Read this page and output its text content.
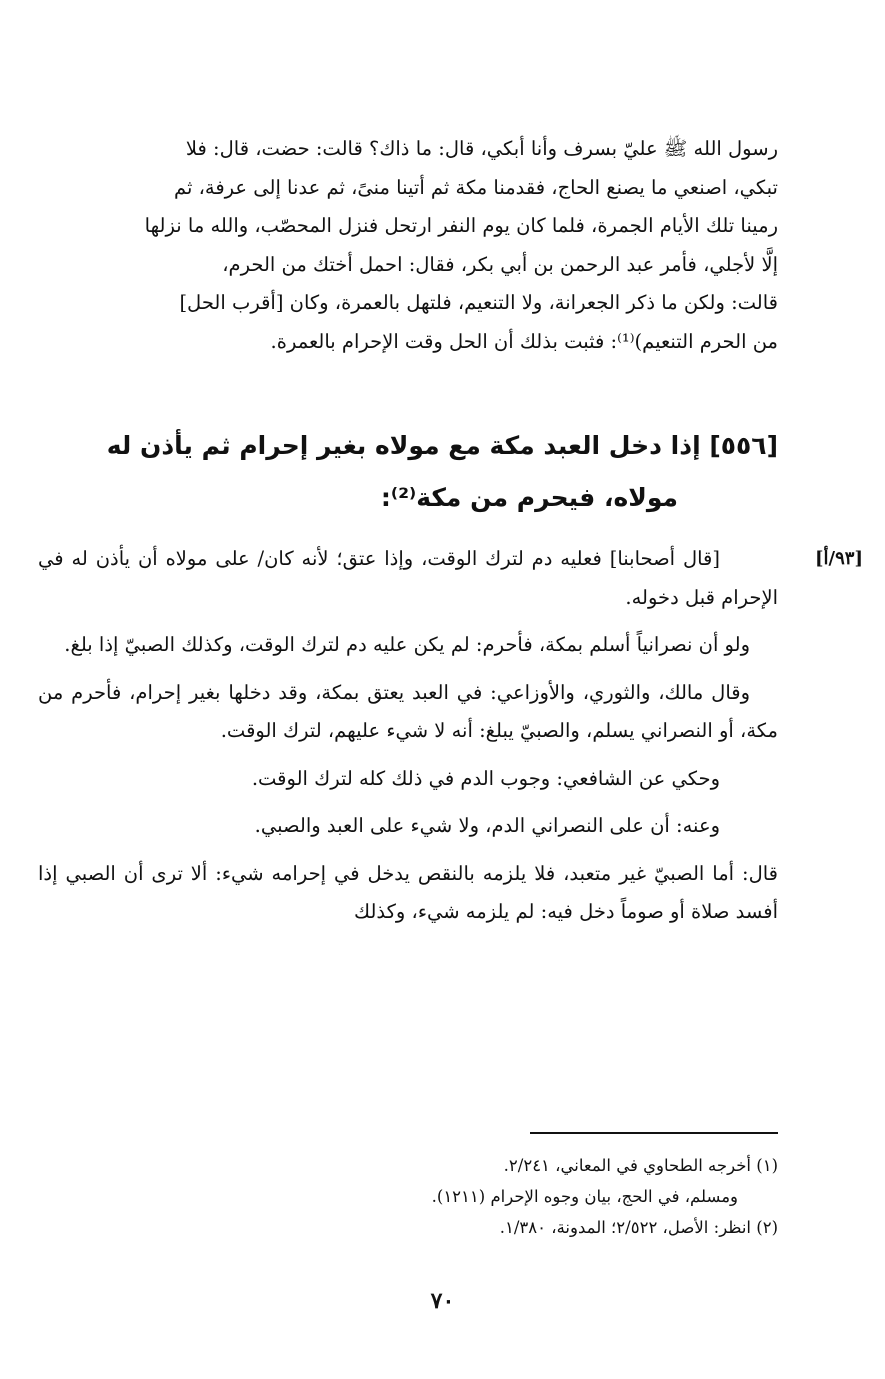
رسول الله ﷺ عليّ بسرف وأنا أبكي، قال: ما ذاك؟ قالت: حضت، قال: فلا

تبكي، اصنعي ما يصنع الحاج، فقدمنا مكة ثم أتينا منىً، ثم عدنا إلى عرفة، ثم

رمينا تلك الأيام الجمرة، فلما كان يوم النفر ارتحل فنزل المحصّب، والله ما نزلها

إلَّا لأجلي، فأمر عبد الرحمن بن أبي بكر، فقال: احمل أختك من الحرم،

قالت: ولكن ما ذكر الجعرانة، ولا التنعيم، فلتهل بالعمرة، وكان [أقرب الحل]

من الحرم التنعيم)⁽¹⁾: فثبت بذلك أن الحل وقت الإحرام بالعمرة.

[٥٥٦] إذا دخل العبد مكة مع مولاه بغير إحرام ثم يأذن له
مولاه، فيحرم من مكة⁽²⁾:
[٩٣/أ]

[قال أصحابنا] فعليه دم لترك الوقت، وإذا عتق؛ لأنه كان/ على مولاه أن يأذن له في الإحرام قبل دخوله.

ولو أن نصرانياً أسلم بمكة، فأحرم: لم يكن عليه دم لترك الوقت، وكذلك الصبيّ إذا بلغ.

وقال مالك، والثوري، والأوزاعي: في العبد يعتق بمكة، وقد دخلها بغير إحرام، فأحرم من مكة، أو النصراني يسلم، والصبيّ يبلغ: أنه لا شيء عليهم، لترك الوقت.

وحكي عن الشافعي: وجوب الدم في ذلك كله لترك الوقت.

وعنه: أن على النصراني الدم، ولا شيء على العبد والصبي.

قال: أما الصبيّ غير متعبد، فلا يلزمه بالنقص يدخل في إحرامه شيء: ألا ترى أن الصبي إذا أفسد صلاة أو صوماً دخل فيه: لم يلزمه شيء، وكذلك

(١) أخرجه الطحاوي في المعاني، ٢/٢٤١.

ومسلم، في الحج، بيان وجوه الإحرام (١٢١١).

(٢) انظر: الأصل، ٢/٥٢٢؛ المدونة، ١/٣٨٠.

٧٠
